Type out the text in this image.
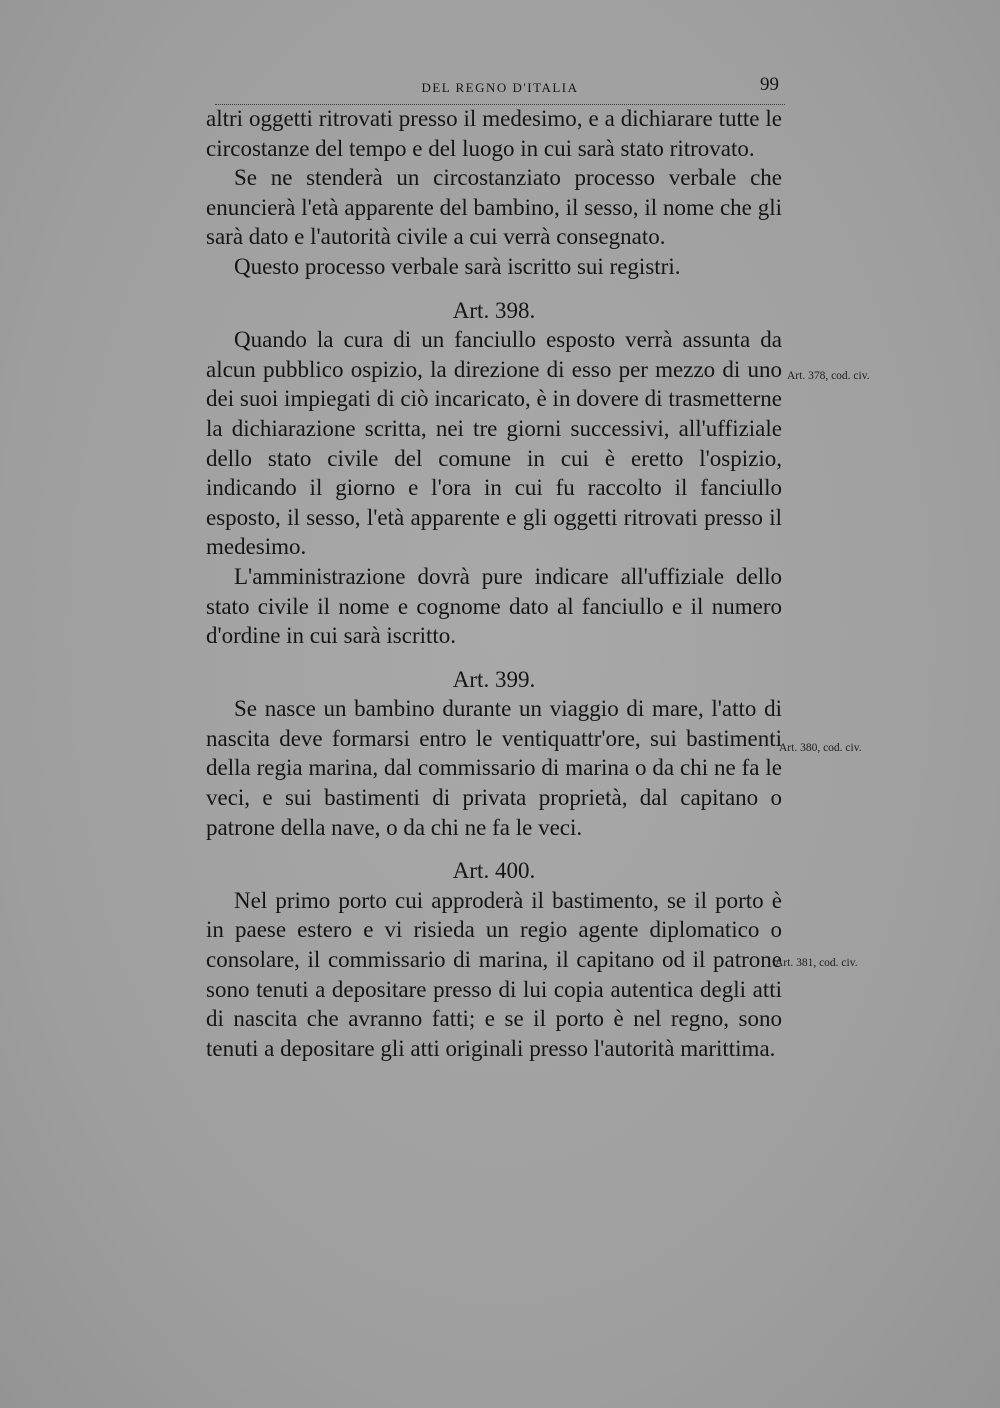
DEL REGNO D'ITALIA	99

altri oggetti ritrovati presso il medesimo, e a dichiarare tutte le circostanze del tempo e del luogo in cui sarà stato ritrovato.

Se ne stenderà un circostanziato processo verbale che enuncierà l'età apparente del bambino, il sesso, il nome che gli sarà dato e l'autorità civile a cui verrà consegnato.

Questo processo verbale sarà iscritto sui registri.

Art. 398.

Quando la cura di un fanciullo esposto verrà assunta da alcun pubblico ospizio, la direzione di esso per mezzo di uno dei suoi impiegati di ciò incaricato, è in dovere di trasmetterne la dichiarazione scritta, nei tre giorni successivi, all'uffiziale dello stato civile del comune in cui è eretto l'ospizio, indicando il giorno e l'ora in cui fu raccolto il fanciullo esposto, il sesso, l'età apparente e gli oggetti ritrovati presso il medesimo.

L'amministrazione dovrà pure indicare all'uffiziale dello stato civile il nome e cognome dato al fanciullo e il numero d'ordine in cui sarà iscritto.

Art. 399.

Se nasce un bambino durante un viaggio di mare, l'atto di nascita deve formarsi entro le ventiquattr'ore, sui bastimenti della regia marina, dal commissario di marina o da chi ne fa le veci, e sui bastimenti di privata proprietà, dal capitano o patrone della nave, o da chi ne fa le veci.

Art. 400.

Nel primo porto cui approderà il bastimento, se il porto è in paese estero e vi risieda un regio agente diplomatico o consolare, il commissario di marina, il capitano od il patrone sono tenuti a depositare presso di lui copia autentica degli atti di nascita che avranno fatti; e se il porto è nel regno, sono tenuti a depositare gli atti originali presso l'autorità marittima.

Art. 378, cod. civ.
Art. 380, cod. civ.
Art. 381, cod. civ.
